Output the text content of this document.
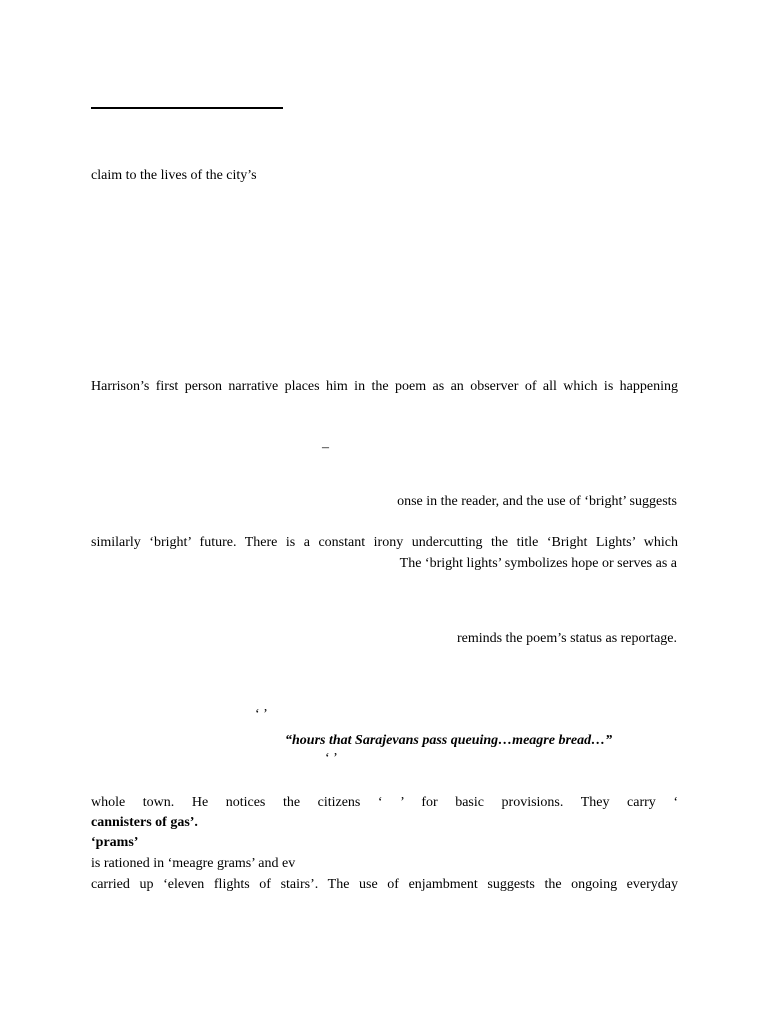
claim to the lives of the city’s
Harrison’s first person narrative places him in the poem as an observer of all which is happening
–
onse in the reader, and the use of ‘bright’ suggests
similarly ‘bright’ future. There is a constant irony undercutting the title ‘Bright Lights’ which
The ‘bright lights’ symbolizes hope or serves as a
reminds the poem’s status as reportage.
‘ ’
“hours that Sarajevans pass queuing…meagre bread…”
‘ ’
whole town. He notices the citizens ‘ ’ for basic provisions. They carry ‘
cannisters of gas’.
‘prams’
is rationed in ‘meagre grams’ and ev
carried up ‘eleven flights of stairs’. The use of enjambment suggests the ongoing everyday
